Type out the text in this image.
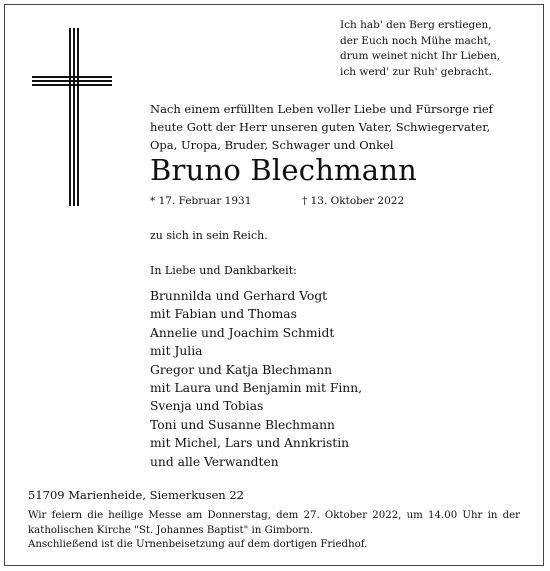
Ich hab' den Berg erstiegen,
der Euch noch Mühe macht,
drum weinet nicht Ihr Lieben,
ich werd' zur Ruh' gebracht.
Nach einem erfüllten Leben voller Liebe und Fürsorge rief heute Gott der Herr unseren guten Vater, Schwiegervater, Opa, Uropa, Bruder, Schwager und Onkel
Bruno Blechmann
* 17. Februar 1931	† 13. Oktober 2022
zu sich in sein Reich.
In Liebe und Dankbarkeit:
Brunnilda und Gerhard Vogt
mit Fabian und Thomas
Annelie und Joachim Schmidt
mit Julia
Gregor und Katja Blechmann
mit Laura und Benjamin mit Finn,
Svenja und Tobias
Toni und Susanne Blechmann
mit Michel, Lars und Annkristin
und alle Verwandten
51709 Marienheide, Siemerkusen 22
Wir feiern die heilige Messe am Donnerstag, dem 27. Oktober 2022, um 14.00 Uhr in der
katholischen Kirche "St. Johannes Baptist" in Gimborn.
Anschließend ist die Urnenbeisetzung auf dem dortigen Friedhof.
